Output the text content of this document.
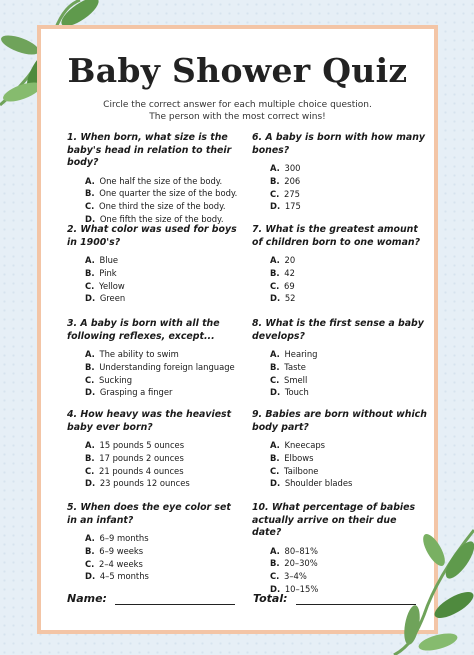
Baby Shower Quiz
Circle the correct answer for each multiple choice question.
The person with the most correct wins!
1. When born, what size is the baby's head in relation to their body?
A. One half the size of the body.
B. One quarter the size of the body.
C. One third the size of the body.
D. One fifth the size of the body.
2. What color was used for boys in 1900's?
A. Blue
B. Pink
C. Yellow
D. Green
3. A baby is born with all the following reflexes, except...
A. The ability to swim
B. Understanding foreign language
C. Sucking
D. Grasping a finger
4. How heavy was the heaviest baby ever born?
A. 15 pounds 5 ounces
B. 17 pounds 2 ounces
C. 21 pounds 4 ounces
D. 23 pounds 12 ounces
5. When does the eye color set in an infant?
A. 6–9 months
B. 6–9 weeks
C. 2–4 weeks
D. 4–5 months
6. A baby is born with how many bones?
A. 300
B. 206
C. 275
D. 175
7. What is the greatest amount of children born to one woman?
A. 20
B. 42
C. 69
D. 52
8. What is the first sense a baby develops?
A. Hearing
B. Taste
C. Smell
D. Touch
9. Babies are born without which body part?
A. Kneecaps
B. Elbows
C. Tailbone
D. Shoulder blades
10. What percentage of babies actually arrive on their due date?
A. 80–81%
B. 20–30%
C. 3–4%
D. 10–15%
Name:	Total:
